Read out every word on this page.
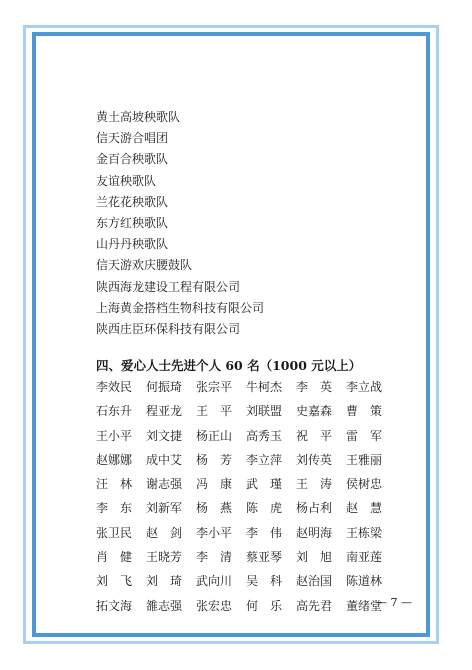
黄土高坡秧歌队
信天游合唱团
金百合秧歌队
友谊秧歌队
兰花花秧歌队
东方红秧歌队
山丹丹秧歌队
信天游欢庆腰鼓队
陕西海龙建设工程有限公司
上海黄金搭档生物科技有限公司
陕西庄臣环保科技有限公司
四、爱心人士先进个人 60 名（1000 元以上）
李效民	何振琦	张宗平	牛柯杰	李　英	李立战
石东升	程亚龙	王　平	刘联盟	史嘉森	曹　策
王小平	刘文捷	杨正山	高秀玉	祝　平	雷　军
赵娜娜	成中艾	杨　芳	李立萍	刘传英	王雅丽
汪　林	谢志强	冯　康	武　瑾	王　涛	侯树忠
李　东	刘新军	杨　燕	陈　虎	杨占利	赵　慧
张卫民	赵　剑	李小平	李　伟	赵明海	王栋梁
肖　健	王晓芳	李　清	蔡亚琴	刘　旭	南亚莲
刘　飞	刘　琦	武向川	吴　科	赵治国	陈道林
拓文海	雒志强	张宏忠	何　乐	高先君	董绪堂
— 7 —
